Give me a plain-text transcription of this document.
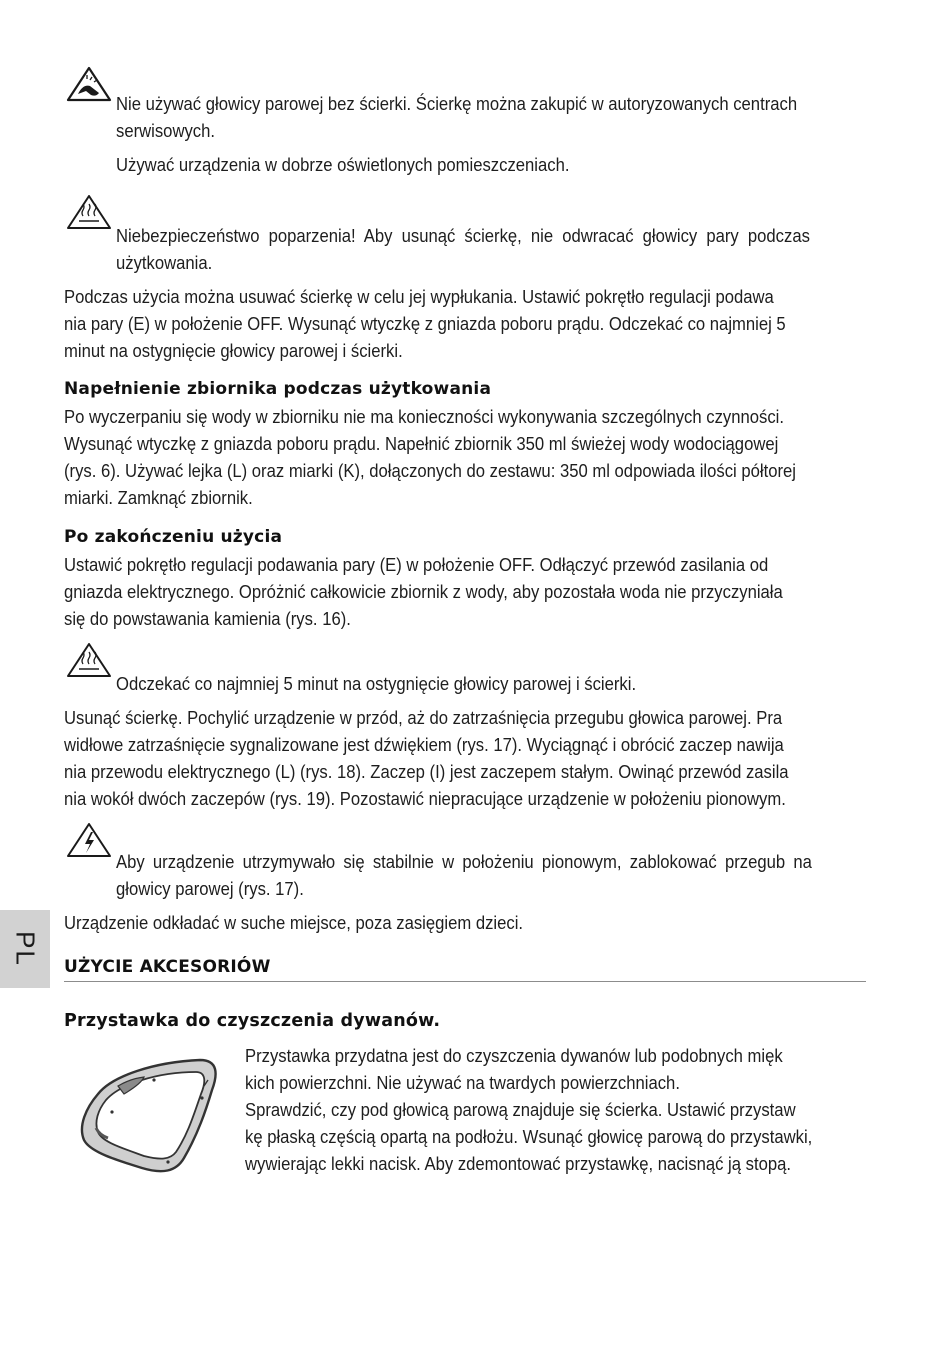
Nie używać głowicy parowej bez ścierki. Ścierkę można zakupić w autoryzowanych centrach

serwisowych.

Używać urządzenia w dobrze oświetlonych pomieszczeniach.

Niebezpieczeństwo poparzenia! Aby usunąć ścierkę, nie odwracać głowicy pary podczas

użytkowania.

Podczas użycia można usuwać ścierkę w celu jej wypłukania. Ustawić pokrętło regulacji podawa

nia pary (E) w położenie OFF. Wysunąć wtyczkę z gniazda poboru prądu. Odczekać co najmniej 5

minut na ostygnięcie głowicy parowej i ścierki.

Napełnienie zbiornika podczas użytkowania

Po wyczerpaniu się wody w zbiorniku nie ma konieczności wykonywania szczególnych czynności.

Wysunąć wtyczkę z gniazda poboru prądu. Napełnić zbiornik 350 ml świeżej wody wodociągowej

(rys. 6). Używać lejka (L) oraz miarki (K), dołączonych do zestawu: 350 ml odpowiada ilości półtorej

miarki. Zamknąć zbiornik.

Po zakończeniu użycia

Ustawić pokrętło regulacji podawania pary (E) w położenie OFF. Odłączyć przewód zasilania od

gniazda elektrycznego. Opróżnić całkowicie zbiornik z wody, aby pozostała woda nie przyczyniała

się do powstawania kamienia (rys. 16).

Odczekać co najmniej 5 minut na ostygnięcie głowicy parowej i ścierki.

Usunąć ścierkę. Pochylić urządzenie w przód, aż do zatrzaśnięcia przegubu głowica parowej. Pra

widłowe zatrzaśnięcie sygnalizowane jest dźwiękiem (rys. 17). Wyciągnąć i obrócić zaczep nawija

nia przewodu elektrycznego (L) (rys. 18). Zaczep (I) jest zaczepem stałym. Owinąć przewód zasila

nia wokół dwóch zaczepów (rys. 19). Pozostawić niepracujące urządzenie w położeniu pionowym.

Aby urządzenie utrzymywało się stabilnie w położeniu pionowym, zablokować przegub na

głowicy parowej (rys. 17).

Urządzenie odkładać w suche miejsce, poza zasięgiem dzieci.

PL
UŻYCIE AKCESORIÓW
Przystawka do czyszczenia dywanów.

Przystawka przydatna jest do czyszczenia dywanów lub podobnych mięk

kich powierzchni. Nie używać na twardych powierzchniach.

Sprawdzić, czy pod głowicą parową znajduje się ścierka. Ustawić przystaw

kę płaską częścią opartą na podłożu. Wsunąć głowicę parową do przystawki,

wywierając lekki nacisk. Aby zdemontować przystawkę, nacisnąć ją stopą.
